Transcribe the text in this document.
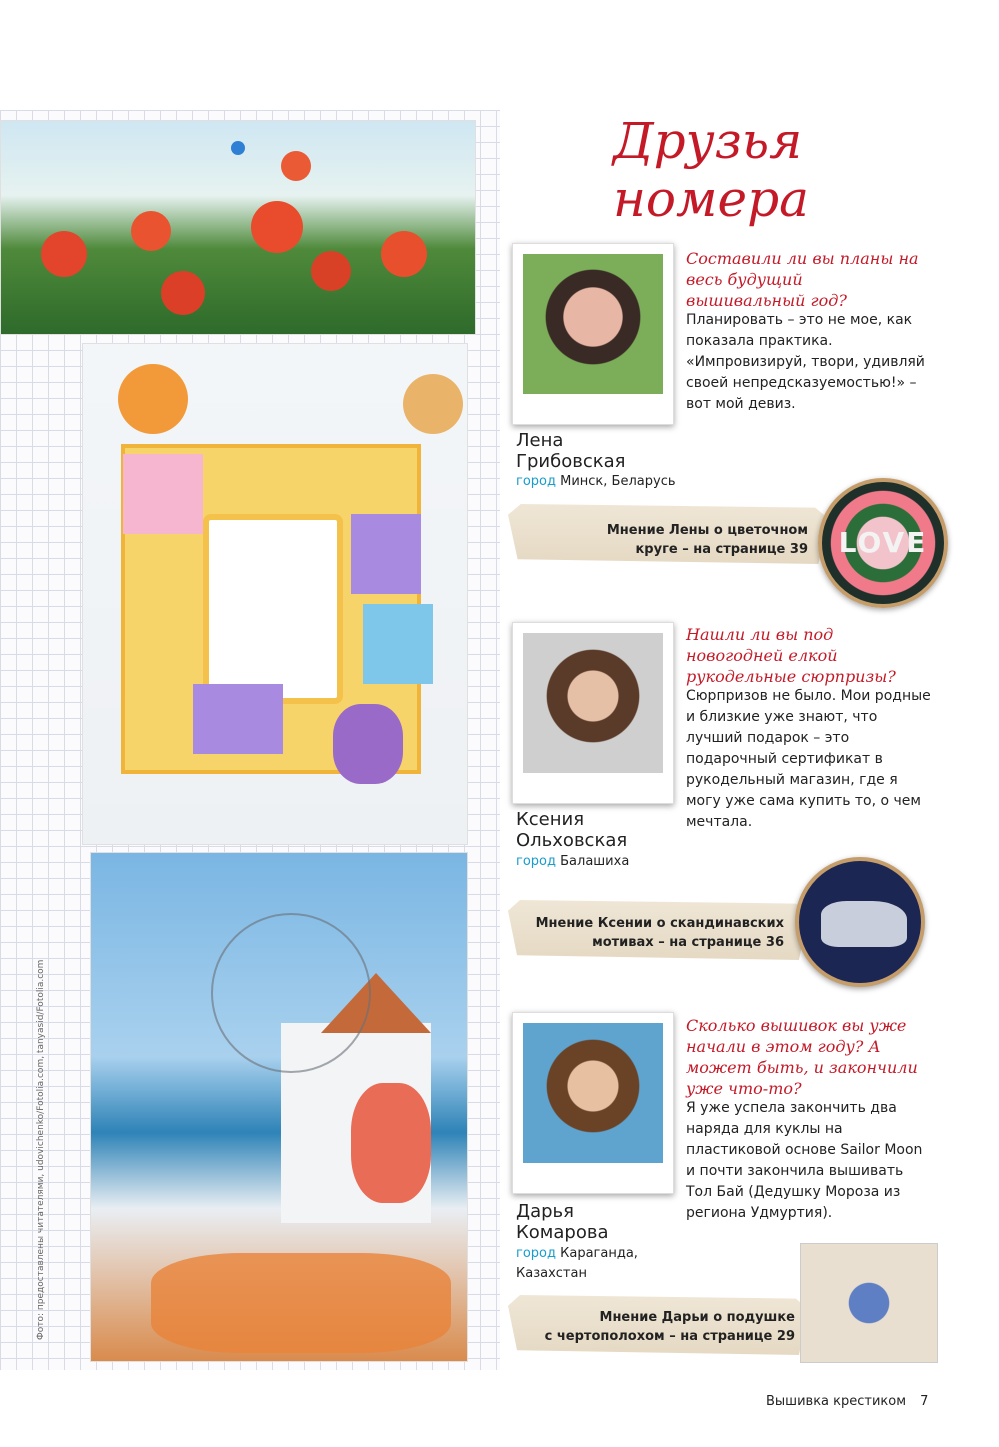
Фото: предоставлены читателями, udovichenko/Fotolia.com, tanyasid/Fotolia.com
Друзья
номера
Составили ли вы планы на весь будущий вышивальный год?
Планировать – это не мое, как показала практика. «Импровизируй, твори, удивляй своей непредсказуемостью!» – вот мой девиз.
Лена
Грибовская
город Минск, Беларусь
Мнение Лены о цветочном
круге – на странице 39	LOVE
Нашли ли вы под новогодней елкой рукодельные сюрпризы?
Сюрпризов не было. Мои родные и близкие уже знают, что лучший подарок – это подарочный сертификат в рукодельный магазин, где я могу уже сама купить то, о чем мечтала.
Ксения
Ольховская
город Балашиха
Мнение Ксении о скандинавских
мотивах – на странице 36
Сколько вышивок вы уже начали в этом году? А может быть, и закончили уже что-то?
Я уже успела закончить два наряда для куклы на пластиковой основе Sailor Moon и почти закончила вышивать Тол Бай (Дедушку Мороза из региона Удмуртия).
Дарья
Комарова
город Караганда,
Казахстан
Мнение Дарьи о подушке
с чертополохом – на странице 29
Вышивка крестиком 7
